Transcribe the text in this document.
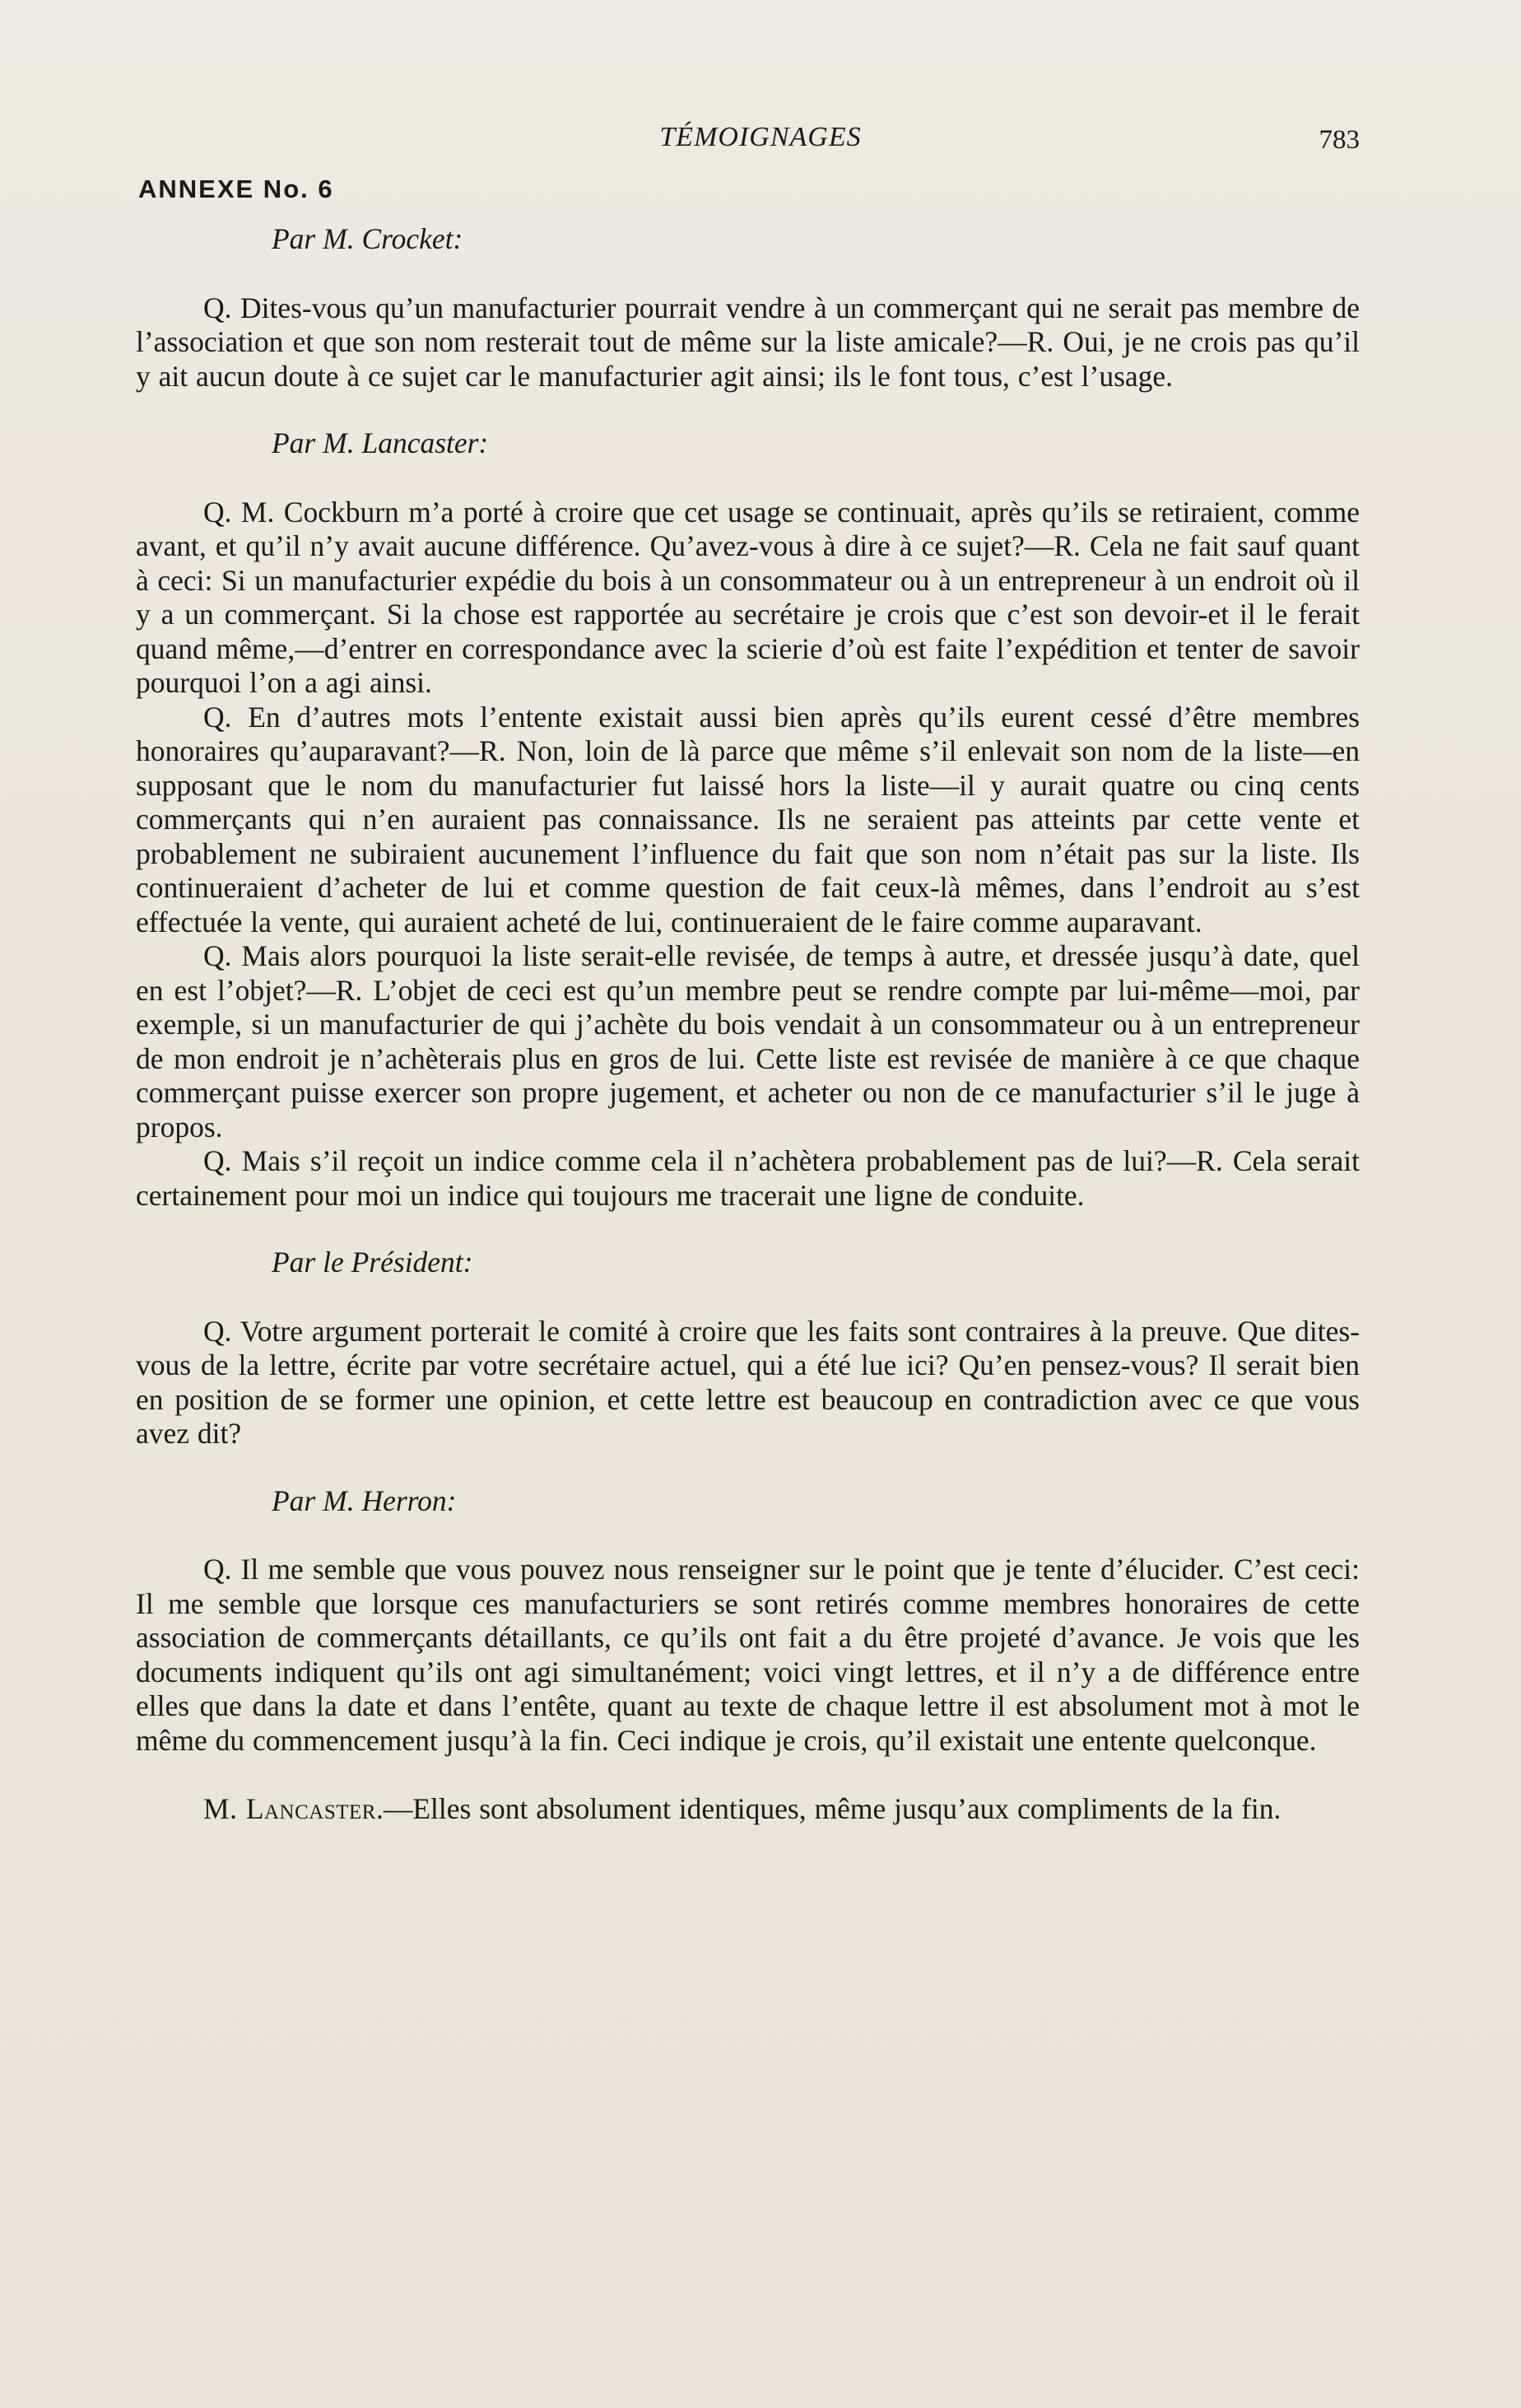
TÉMOIGNAGES	783
ANNEXE No. 6

Par M. Crocket:

Q. Dites-vous qu’un manufacturier pourrait vendre à un commerçant qui ne serait pas membre de l’association et que son nom resterait tout de même sur la liste amicale?—R. Oui, je ne crois pas qu’il y ait aucun doute à ce sujet car le manufacturier agit ainsi; ils le font tous, c’est l’usage.

Par M. Lancaster:

Q. M. Cockburn m’a porté à croire que cet usage se continuait, après qu’ils se retiraient, comme avant, et qu’il n’y avait aucune différence. Qu’avez-vous à dire à ce sujet?—R. Cela ne fait sauf quant à ceci: Si un manufacturier expédie du bois à un consommateur ou à un entrepreneur à un endroit où il y a un commerçant. Si la chose est rapportée au secrétaire je crois que c’est son devoir-et il le ferait quand même,—d’entrer en correspondance avec la scierie d’où est faite l’expédition et tenter de savoir pourquoi l’on a agi ainsi.

Q. En d’autres mots l’entente existait aussi bien après qu’ils eurent cessé d’être membres honoraires qu’auparavant?—R. Non, loin de là parce que même s’il enlevait son nom de la liste—en supposant que le nom du manufacturier fut laissé hors la liste—il y aurait quatre ou cinq cents commerçants qui n’en auraient pas connaissance. Ils ne seraient pas atteints par cette vente et probablement ne subiraient aucunement l’influence du fait que son nom n’était pas sur la liste. Ils continueraient d’acheter de lui et comme question de fait ceux-là mêmes, dans l’endroit au s’est effectuée la vente, qui auraient acheté de lui, continueraient de le faire comme auparavant.

Q. Mais alors pourquoi la liste serait-elle revisée, de temps à autre, et dressée jusqu’à date, quel en est l’objet?—R. L’objet de ceci est qu’un membre peut se rendre compte par lui-même—moi, par exemple, si un manufacturier de qui j’achète du bois vendait à un consommateur ou à un entrepreneur de mon endroit je n’achèterais plus en gros de lui. Cette liste est revisée de manière à ce que chaque commerçant puisse exercer son propre jugement, et acheter ou non de ce manufacturier s’il le juge à propos.

Q. Mais s’il reçoit un indice comme cela il n’achètera probablement pas de lui?—R. Cela serait certainement pour moi un indice qui toujours me tracerait une ligne de conduite.

Par le Président:

Q. Votre argument porterait le comité à croire que les faits sont contraires à la preuve. Que dites-vous de la lettre, écrite par votre secrétaire actuel, qui a été lue ici? Qu’en pensez-vous? Il serait bien en position de se former une opinion, et cette lettre est beaucoup en contradiction avec ce que vous avez dit?

Par M. Herron:

Q. Il me semble que vous pouvez nous renseigner sur le point que je tente d’élucider. C’est ceci: Il me semble que lorsque ces manufacturiers se sont retirés comme membres honoraires de cette association de commerçants détaillants, ce qu’ils ont fait a du être projeté d’avance. Je vois que les documents indiquent qu’ils ont agi simultanément; voici vingt lettres, et il n’y a de différence entre elles que dans la date et dans l’entête, quant au texte de chaque lettre il est absolument mot à mot le même du commencement jusqu’à la fin. Ceci indique je crois, qu’il existait une entente quelconque.

M. Lancaster.—Elles sont absolument identiques, même jusqu’aux compliments de la fin.
